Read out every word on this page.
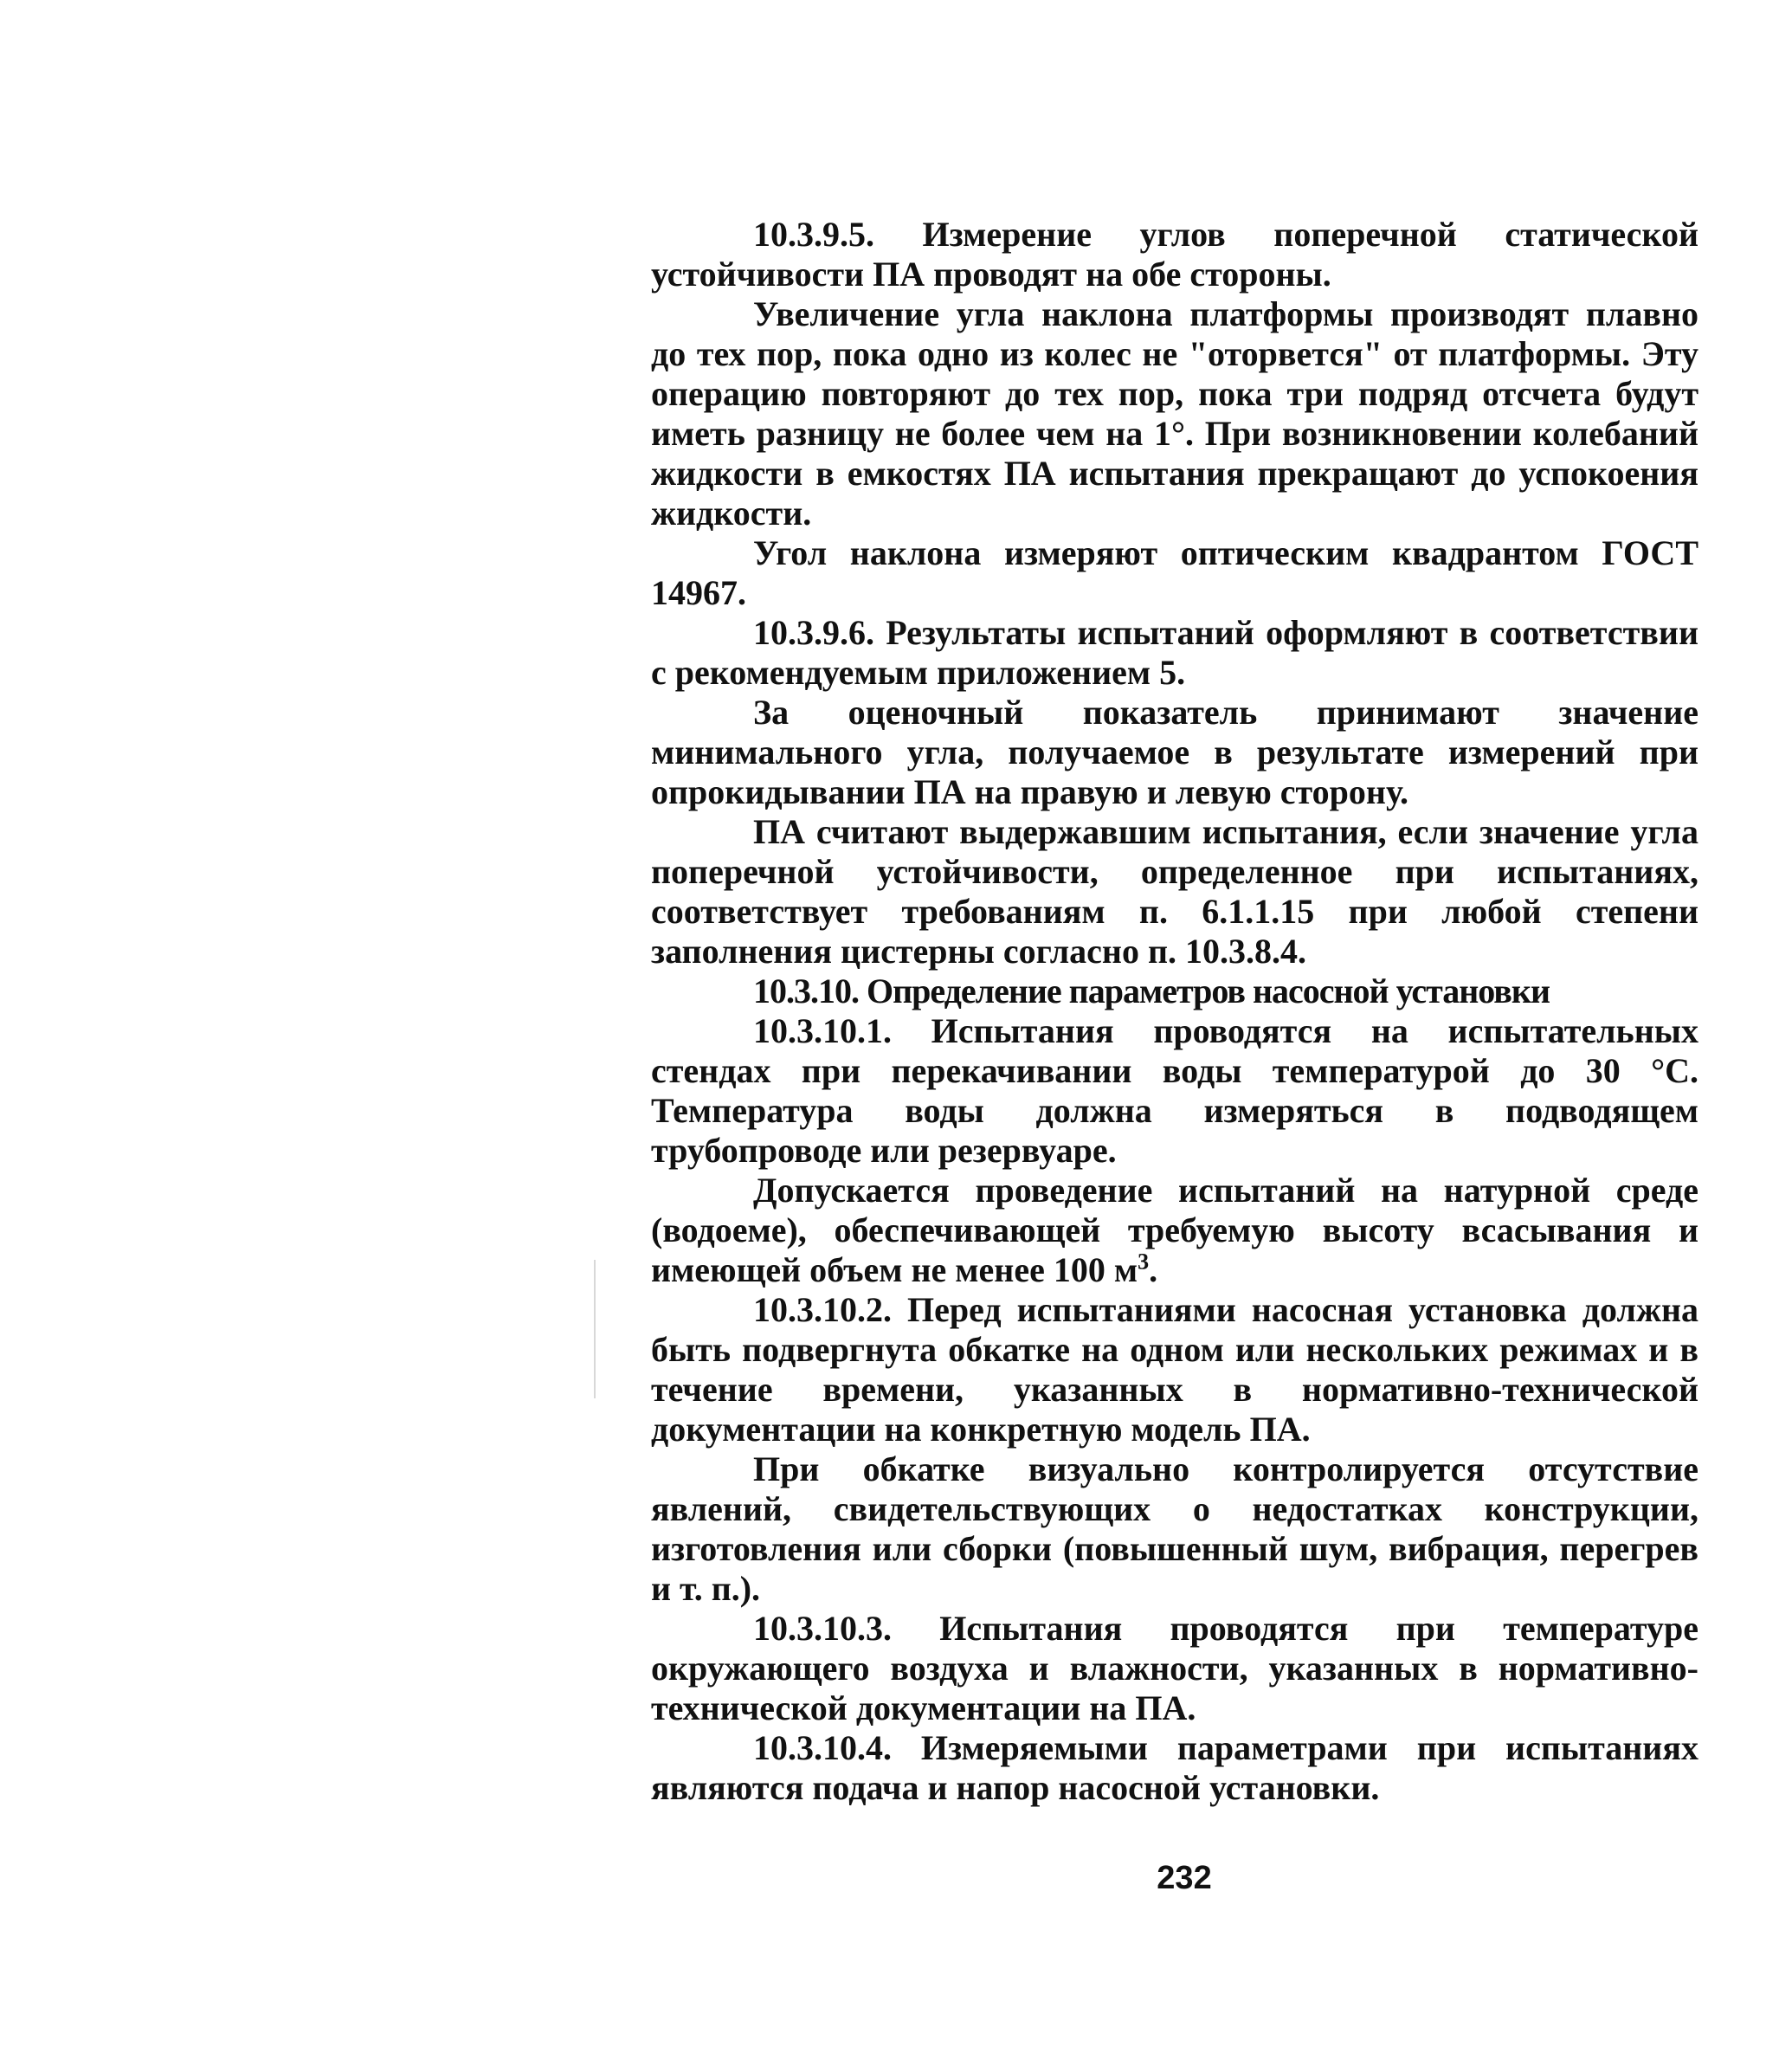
10.3.9.5. Измерение углов поперечной статической устойчивости ПА проводят на обе стороны.

Увеличение угла наклона платформы производят плавно до тех пор, пока одно из колес не "оторвется" от платформы. Эту операцию повторяют до тех пор, пока три подряд отсчета будут иметь разницу не более чем на 1°. При возникновении колебаний жидкости в емкостях ПА испытания прекращают до успокоения жидкости.

Угол наклона измеряют оптическим квадрантом ГОСТ 14967.

10.3.9.6. Результаты испытаний оформляют в соответствии с рекомендуемым приложением 5.

За оценочный показатель принимают значение минимального угла, получаемое в результате измерений при опрокидывании ПА на правую и левую сторону.

ПА считают выдержавшим испытания, если значение угла поперечной устойчивости, определенное при испытаниях, соответствует требованиям п. 6.1.1.15 при любой степени заполнения цистерны согласно п. 10.3.8.4.

10.3.10. Определение параметров насосной установки

10.3.10.1. Испытания проводятся на испытательных стендах при перекачивании воды температурой до 30 °С. Температура воды должна измеряться в подводящем трубопроводе или резервуаре.

Допускается проведение испытаний на натурной среде (водоеме), обеспечивающей требуемую высоту всасывания и имеющей объем не менее 100 $м^3$.

10.3.10.2. Перед испытаниями насосная установка должна быть подвергнута обкатке на одном или нескольких режимах и в течение времени, указанных в нормативно-технической документации на конкретную модель ПА.

При обкатке визуально контролируется отсутствие явлений, свидетельствующих о недостатках конструкции, изготовления или сборки (повышенный шум, вибрация, перегрев и т. п.).

10.3.10.3. Испытания проводятся при температуре окружающего воздуха и влажности, указанных в нормативно-технической документации на ПА.

10.3.10.4. Измеряемыми параметрами при испытаниях являются подача и напор насосной установки.

232
